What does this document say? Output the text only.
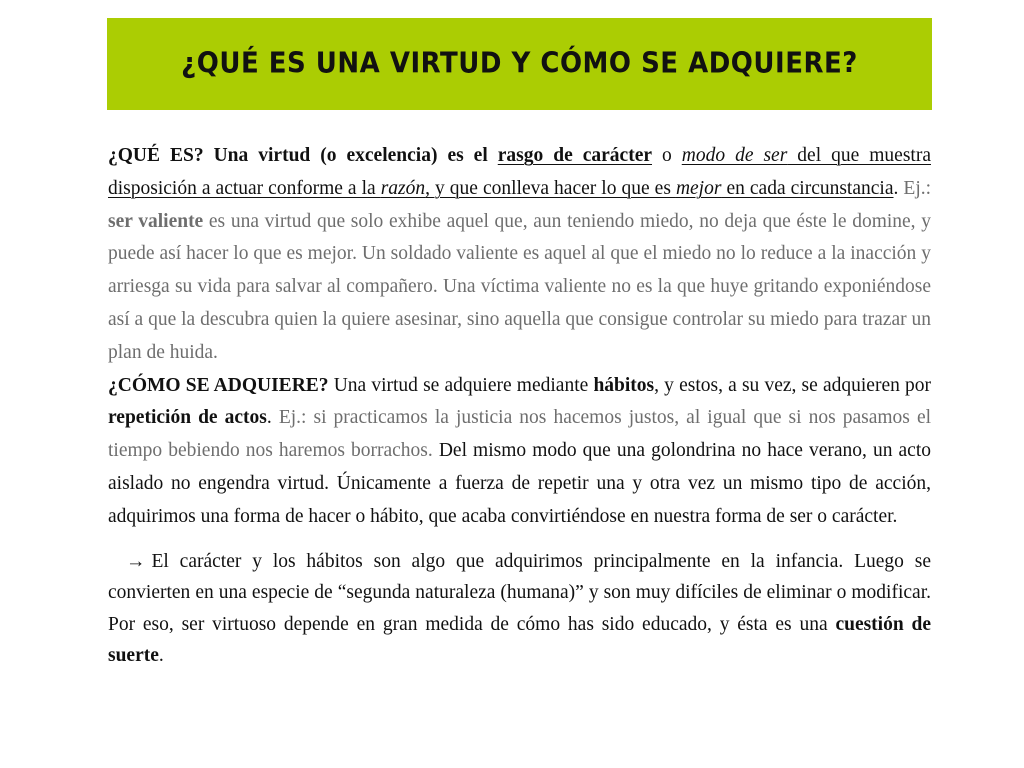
¿QUÉ ES UNA VIRTUD Y CÓMO SE ADQUIERE?

¿QUÉ ES? Una virtud (o excelencia) es el rasgo de carácter o modo de ser del que muestra disposición a actuar conforme a la razón, y que conlleva hacer lo que es mejor en cada circunstancia. Ej.: ser valiente es una virtud que solo exhibe aquel que, aun teniendo miedo, no deja que éste le domine, y puede así hacer lo que es mejor. Un soldado valiente es aquel al que el miedo no lo reduce a la inacción y arriesga su vida para salvar al compañero. Una víctima valiente no es la que huye gritando exponiéndose así a que la descubra quien la quiere asesinar, sino aquella que consigue controlar su miedo para trazar un plan de huida.

¿CÓMO SE ADQUIERE? Una virtud se adquiere mediante hábitos, y estos, a su vez, se adquieren por repetición de actos. Ej.: si practicamos la justicia nos hacemos justos, al igual que si nos pasamos el tiempo bebiendo nos haremos borrachos. Del mismo modo que una golondrina no hace verano, un acto aislado no engendra virtud. Únicamente a fuerza de repetir una y otra vez un mismo tipo de acción, adquirimos una forma de hacer o hábito, que acaba convirtiéndose en nuestra forma de ser o carácter.

→ El carácter y los hábitos son algo que adquirimos principalmente en la infancia. Luego se convierten en una especie de “segunda naturaleza (humana)” y son muy difíciles de eliminar o modificar. Por eso, ser virtuoso depende en gran medida de cómo has sido educado, y ésta es una cuestión de suerte.
